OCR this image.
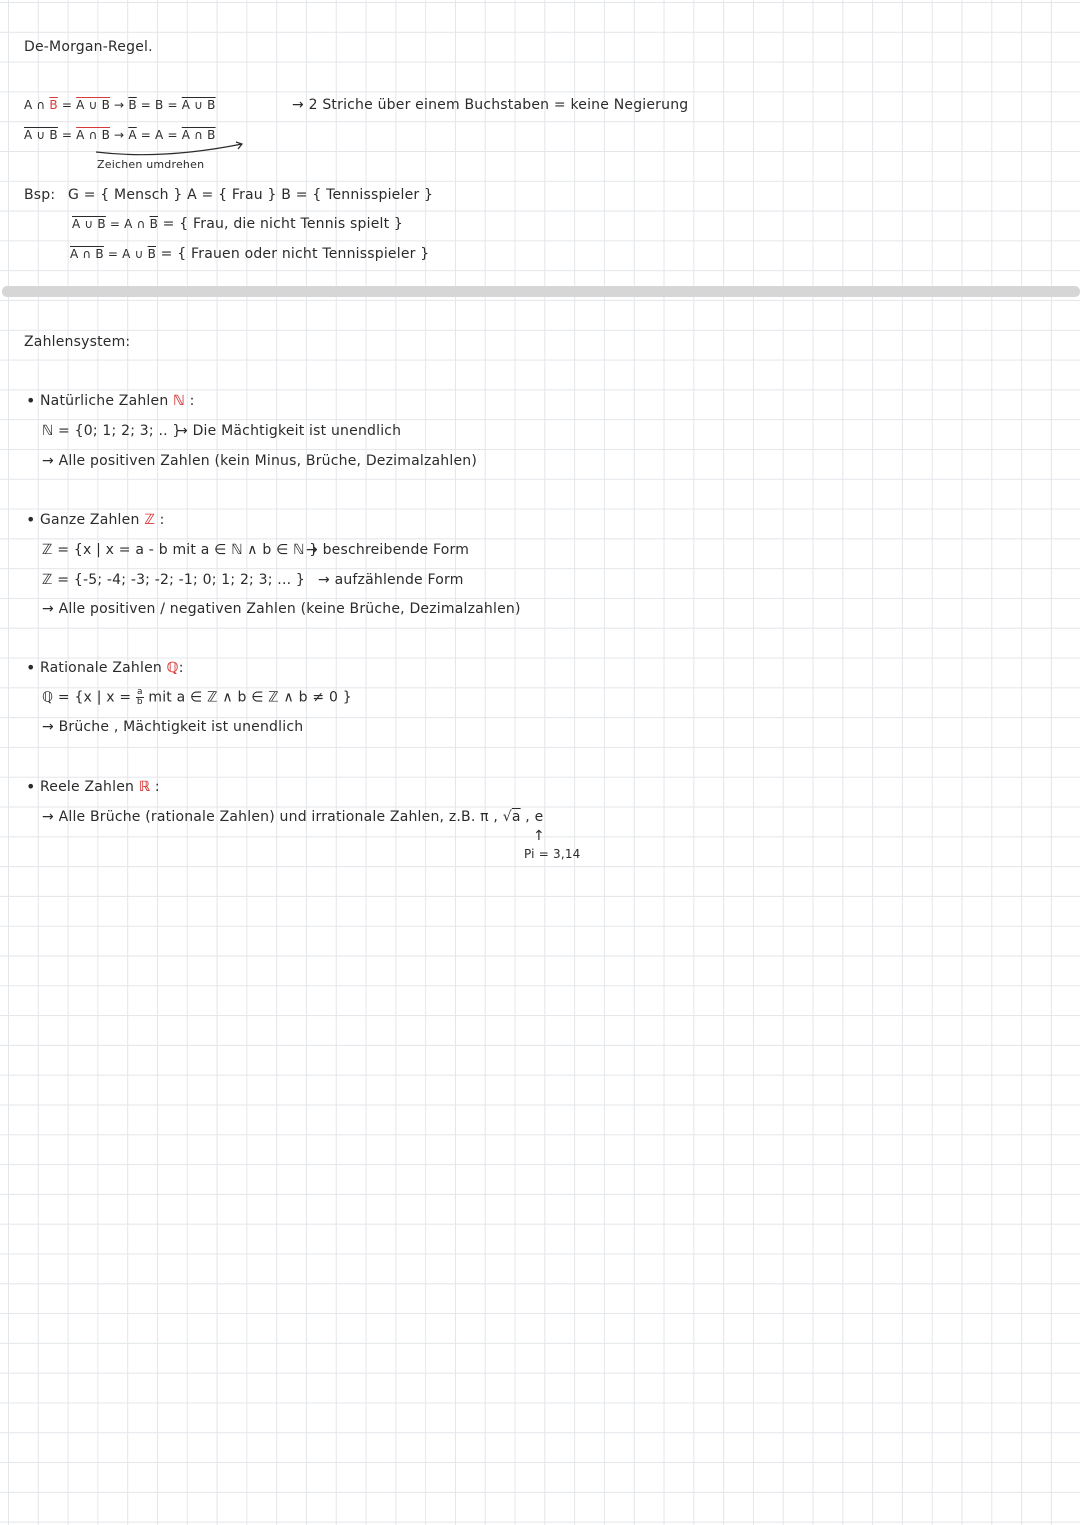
De-Morgan-Regel.
A ∩ $\overline{B} = A$ ∪ $B \to \overline{B} = B = A$ ∪ B
A ∪ B = A ∩ $B \to \overline{A} = A = A$ ∩ B
Zeichen umdrehen
→ 2 Striche über einem Buchstaben = keine Negierung
Bsp: G = { Mensch } A = { Frau } B = { Tennisspieler }
A ∪ B = A ∩ $\overline{B}$ = { Frau, die nicht Tennis spielt }
A ∩ B = A ∪ $\overline{B}$ = { Frauen oder nicht Tennisspieler }
Zahlensystem:
• Natürliche Zahlen ℕ :
ℕ = {0; 1; 2; 3; .. }
→ Die Mächtigkeit ist unendlich
→ Alle positiven Zahlen (kein Minus, Brüche, Dezimalzahlen)
• Ganze Zahlen ℤ :
ℤ = {x | x = a - b mit a ∈ ℕ ∧ b ∈ ℕ }
→ beschreibende Form
ℤ = {-5; -4; -3; -2; -1; 0; 1; 2; 3; ... } → aufzählende Form
→ Alle positiven / negativen Zahlen (keine Brüche, Dezimalzahlen)
• Rationale Zahlen ℚ:
ℚ = {x | $x = \frac{a}{b}$ mit a ∈ ℤ ∧ b ∈ ℤ ∧ b ≠ 0 }
→ Brüche , Mächtigkeit ist unendlich
• Reele Zahlen ℝ :
→ Alle Brüche (rationale Zahlen) und irrationale Zahlen, z.B. π , √a , e
↑
Pi = 3,14
